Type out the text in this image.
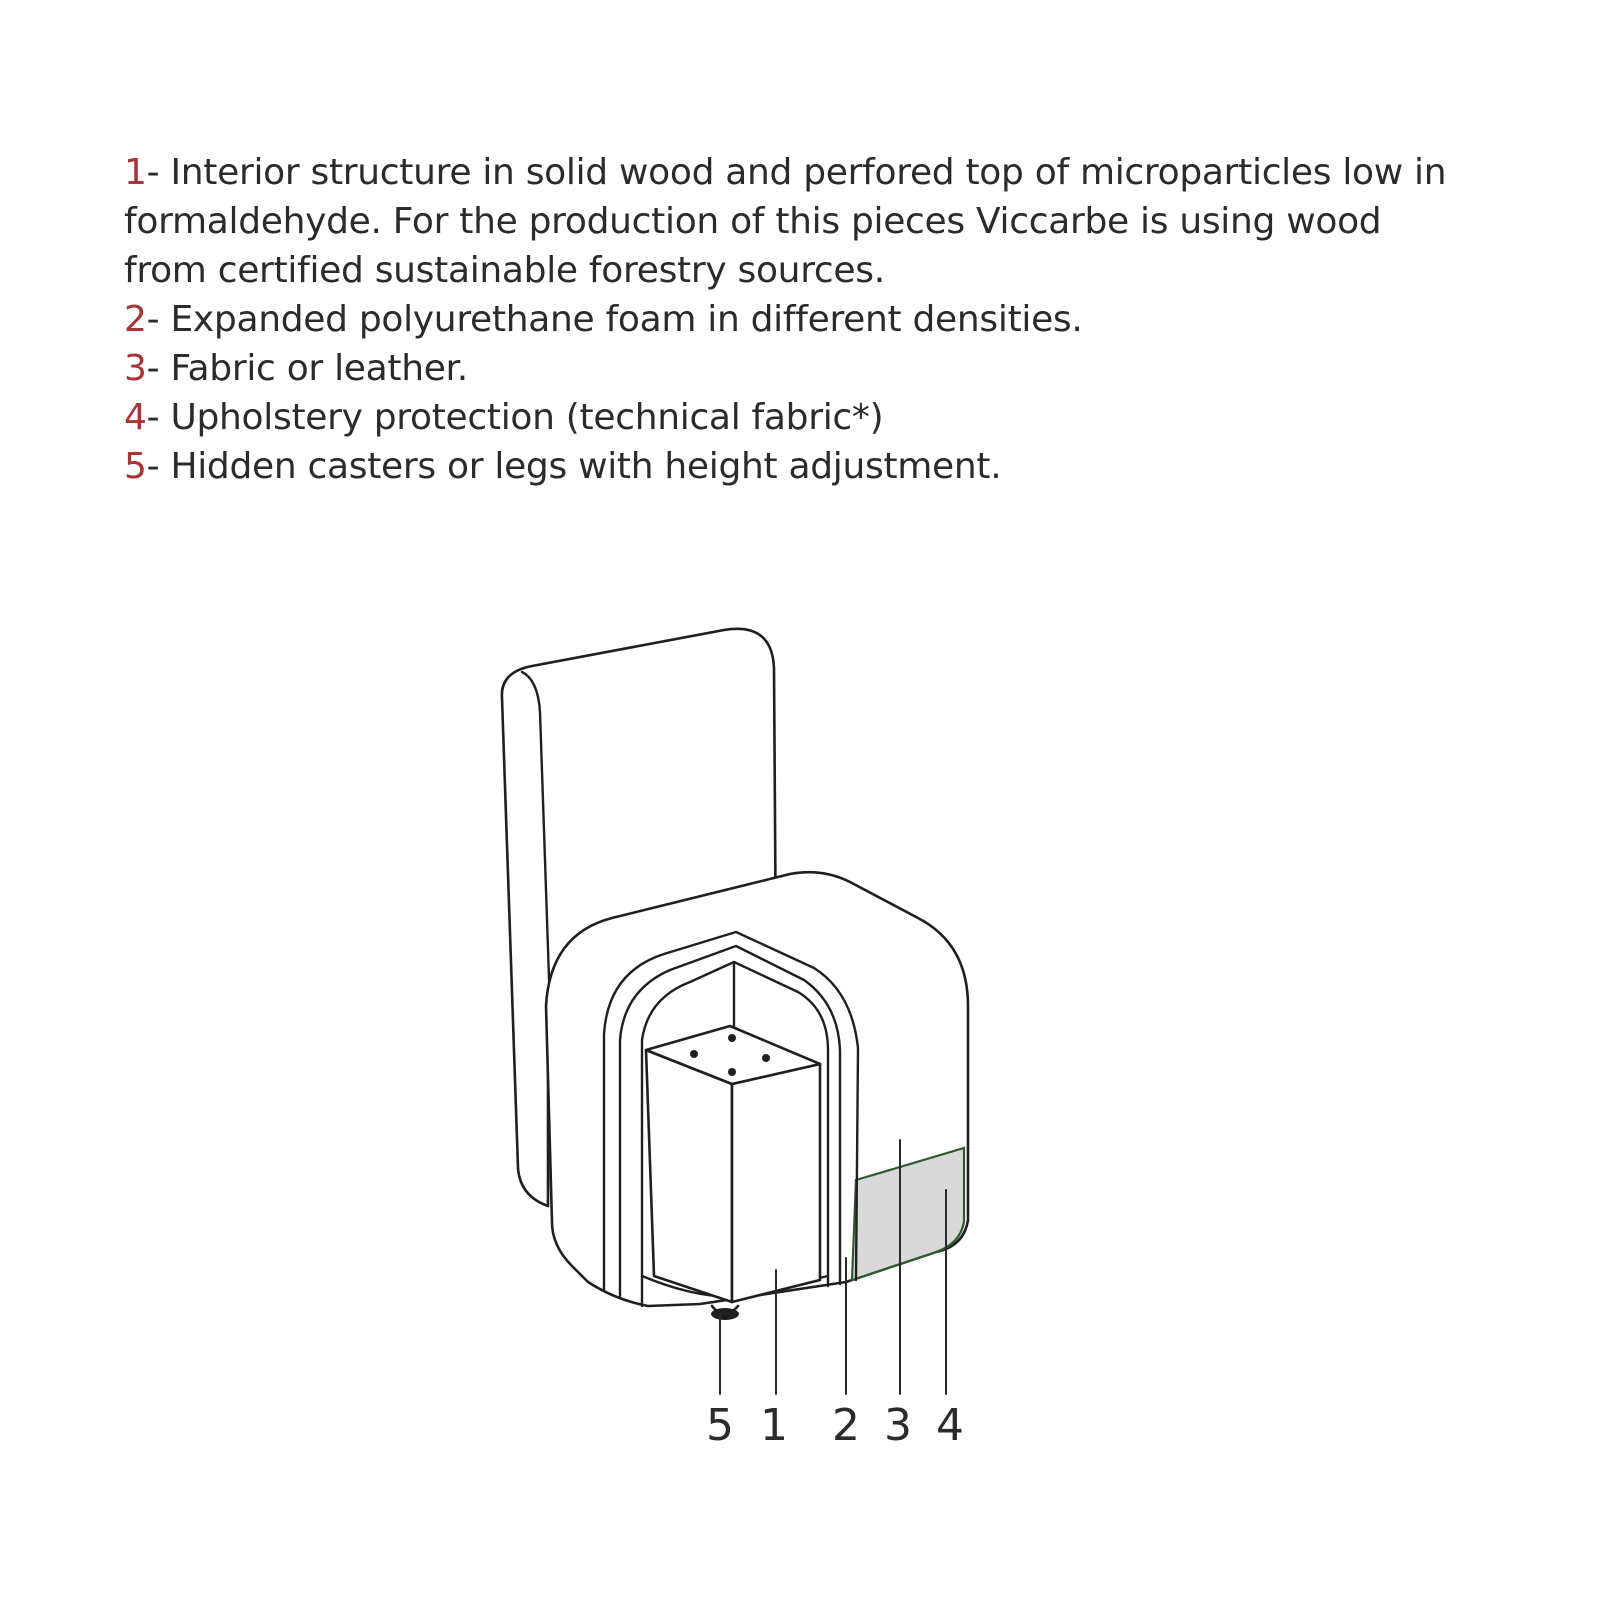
1- Interior structure in solid wood and perfored top of microparticles low in formaldehyde. For the production of this pieces Viccarbe is using wood from certified sustainable forestry sources.

2- Expanded polyurethane foam in different densities.

3- Fabric or leather.

4- Upholstery protection (technical fabric*)

5- Hidden casters or legs with height adjustment.

5 1 2 3 4
